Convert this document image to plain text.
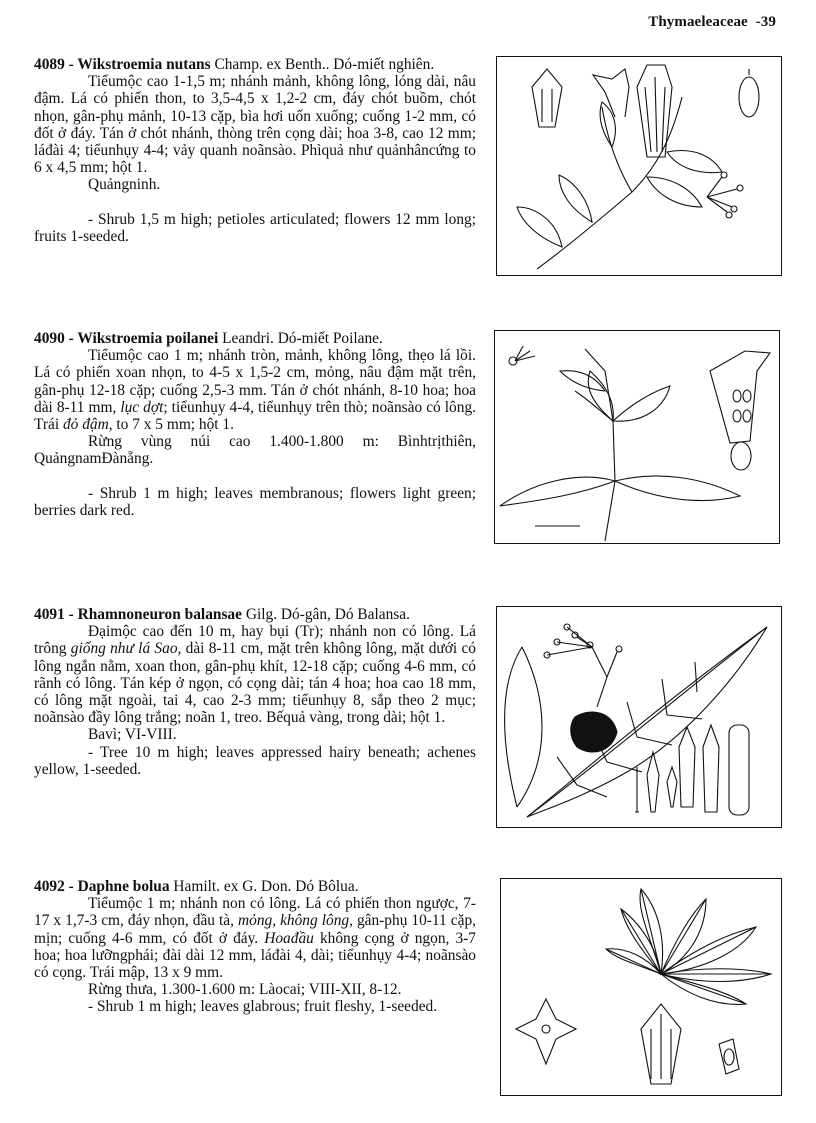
Thymaeleaceae -39

4089 - Wikstroemia nutans Champ. ex Benth.. Dó-miết nghiên.

Tiểumộc cao 1-1,5 m; nhánh mảnh, không lông, lóng dài, nâu đậm. Lá có phiến thon, to 3,5-4,5 x 1,2-2 cm, đáy chót buồm, chót nhọn, gân-phụ mảnh, 10-13 cặp, bìa hơi uốn xuống; cuống 1-2 mm, có đốt ở đáy. Tán ở chót nhánh, thòng trên cọng dài; hoa 3-8, cao 12 mm; láđài 4; tiểunhụy 4-4; vảy quanh noãnsào. Phìquả như quảnhâncứng to 6 x 4,5 mm; hột 1.

Quảngninh.

- Shrub 1,5 m high; petioles articulated; flowers 12 mm long; fruits 1-seeded.

4090 - Wikstroemia poilanei Leandri. Dó-miết Poilane.

Tiểumộc cao 1 m; nhánh tròn, mảnh, không lông, thẹo lá lồi. Lá có phiến xoan nhọn, to 4-5 x 1,5-2 cm, mỏng, nâu đậm mặt trên, gân-phụ 12-18 cặp; cuống 2,5-3 mm. Tán ở chót nhánh, 8-10 hoa; hoa dài 8-11 mm, lục dợt; tiểunhụy 4-4, tiểunhụy trên thò; noãnsào có lông. Trái đỏ đậm, to 7 x 5 mm; hột 1.

Rừng vùng núi cao 1.400-1.800 m: Bìnhtrịthiên, QuảngnamĐànẵng.

- Shrub 1 m high; leaves membranous; flowers light green; berries dark red.

4091 - Rhamnoneuron balansae Gilg. Dó-gân, Dó Balansa.

Đạimộc cao đến 10 m, hay bụi (Tr); nhánh non có lông. Lá trông giống như lá Sao, dài 8-11 cm, mặt trên không lông, mặt dưới có lông ngắn nằm, xoan thon, gân-phụ khít, 12-18 cặp; cuống 4-6 mm, có rãnh có lông. Tán kép ở ngọn, có cọng dài; tán 4 hoa; hoa cao 18 mm, có lông mặt ngoài, tai 4, cao 2-3 mm; tiểunhụy 8, sắp theo 2 mục; noãnsào đầy lông trắng; noãn 1, treo. Bếquả vàng, trong dài; hột 1.

Bavì; VI-VIII.

- Tree 10 m high; leaves appressed hairy beneath; achenes yellow, 1-seeded.

4092 - Daphne bolua Hamilt. ex G. Don. Dó Bôlua.

Tiểumộc 1 m; nhánh non có lông. Lá có phiến thon ngược, 7-17 x 1,7-3 cm, đáy nhọn, đầu tà, mỏng, không lông, gân-phụ 10-11 cặp, mịn; cuống 4-6 mm, có đốt ở đáy. Hoađầu không cọng ở ngọn, 3-7 hoa; hoa lưỡngphái; đài dài 12 mm, láđài 4, dài; tiểunhụy 4-4; noãnsào có cọng. Trái mập, 13 x 9 mm.

Rừng thưa, 1.300-1.600 m: Làocai; VIII-XII, 8-12.

- Shrub 1 m high; leaves glabrous; fruit fleshy, 1-seeded.
